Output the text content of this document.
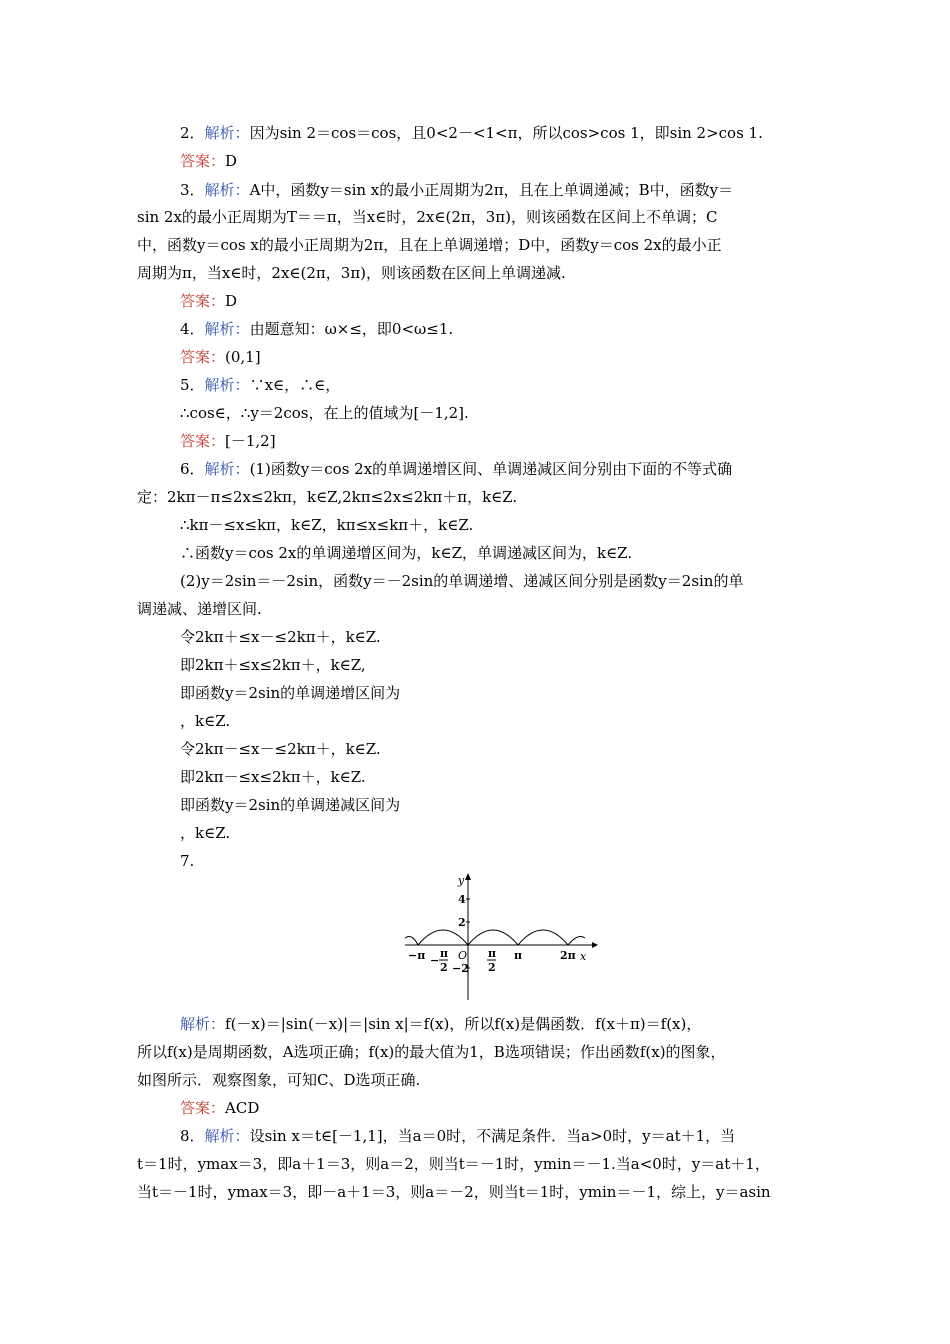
2．解析：因为sin 2＝cos＝cos，且0<2－<1<π，所以cos>cos 1，即sin 2>cos 1.
答案：D
3．解析：A中，函数y＝sin x的最小正周期为2π，且在上单调递减；B中，函数y＝
sin 2x的最小正周期为T＝＝π，当x∈时，2x∈(2π，3π)，则该函数在区间上不单调；C
中，函数y＝cos x的最小正周期为2π，且在上单调递增；D中，函数y＝cos 2x的最小正
周期为π，当x∈时，2x∈(2π，3π)，则该函数在区间上单调递减.
答案：D
4．解析：由题意知：ω×≤，即0<ω≤1.
答案：(0,1]
5．解析：∵x∈，∴∈，
∴cos∈，∴y＝2cos，在上的值域为[－1,2].
答案：[－1,2]
6．解析：(1)函数y＝cos 2x的单调递增区间、单调递减区间分别由下面的不等式确
定：2kπ－π≤2x≤2kπ，k∈Z,2kπ≤2x≤2kπ＋π，k∈Z.
∴kπ－≤x≤kπ，k∈Z，kπ≤x≤kπ＋，k∈Z.
∴函数y＝cos 2x的单调递增区间为，k∈Z，单调递减区间为，k∈Z.
(2)y＝2sin＝－2sin，函数y＝－2sin的单调递增、递减区间分别是函数y＝2sin的单
调递减、递增区间.
令2kπ＋≤x－≤2kπ＋，k∈Z.
即2kπ＋≤x≤2kπ＋，k∈Z,
即函数y＝2sin的单调递增区间为
，k∈Z.
令2kπ－≤x－≤2kπ＋，k∈Z.
即2kπ－≤x≤2kπ＋，k∈Z.
即函数y＝2sin的单调递减区间为
，k∈Z.
7.
解析：f(－x)＝|sin(－x)|＝|sin x|＝f(x)，所以f(x)是偶函数．f(x＋π)＝f(x)，
所以f(x)是周期函数，A选项正确；f(x)的最大值为1，B选项错误；作出函数f(x)的图象，
如图所示．观察图象，可知C、D选项正确.
答案：ACD
8．解析：设sin x＝t∈[－1,1]，当a＝0时，不满足条件．当a>0时，y＝at＋1，当
t＝1时，ymax＝3，即a＋1＝3，则a＝2，则当t＝－1时，ymin＝－1.当a<0时，y＝at＋1，
当t＝－1时，ymax＝3，即－a＋1＝3，则a＝－2，则当t＝1时，ymin＝－1，综上，y＝asin
y
x
4
2
−2
O
−π −
π
2
π
2
π	2π
